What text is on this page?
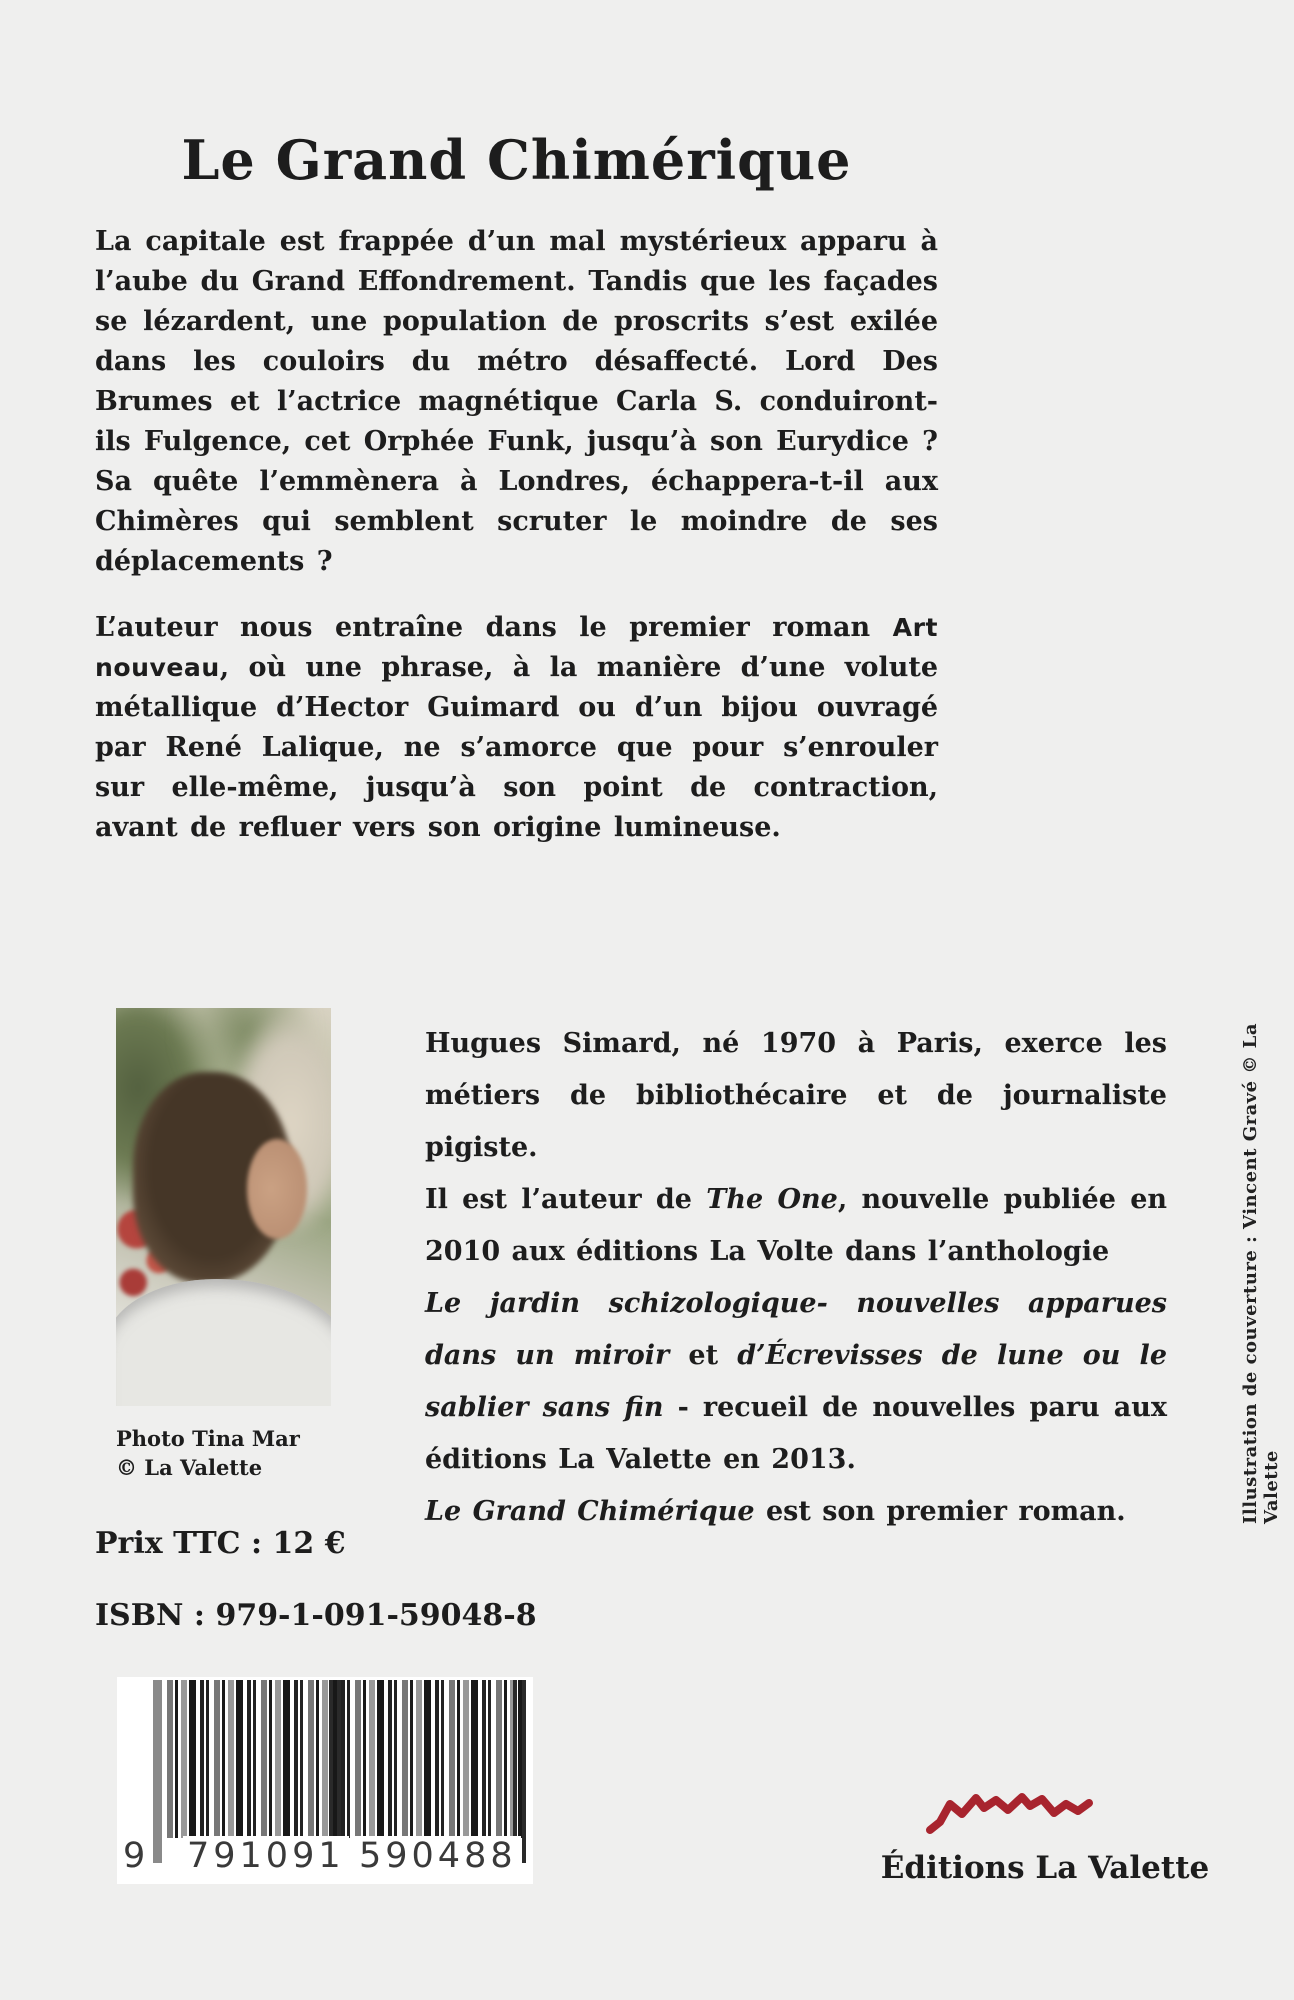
Le Grand Chimérique

La capitale est frappée d’un mal mystérieux apparu à l’aube du Grand Effondrement. Tandis que les façades se lézardent, une population de proscrits s’est exilée dans les couloirs du métro désaffecté. Lord Des Brumes et l’actrice magnétique Carla S. conduiront-ils Fulgence, cet Orphée Funk, jusqu’à son Eurydice ? Sa quête l’emmènera à Londres, échappera-t-il aux Chimères qui semblent scruter le moindre de ses déplacements ?

L’auteur nous entraîne dans le premier roman Art nouveau, où une phrase, à la manière d’une volute métallique d’Hector Guimard ou d’un bijou ouvragé par René Lalique, ne s’amorce que pour s’enrouler sur elle-même, jusqu’à son point de contraction, avant de refluer vers son origine lumineuse.

Photo Tina Mar
© La Valette
Hugues Simard, né 1970 à Paris, exerce les métiers de bibliothécaire et de journaliste pigiste.
Il est l’auteur de The One, nouvelle publiée en 2010 aux éditions La Volte dans l’anthologie
Le jardin schizologique- nouvelles apparues dans un miroir et d’Écrevisses de lune ou le sablier sans fin - recueil de nouvelles paru aux éditions La Valette en 2013.
Le Grand Chimérique est son premier roman.
Prix TTC : 12 €
ISBN : 979-1-091-59048-8
9 791091 590488	Éditions La Valette
Illustration de couverture : Vincent Gravé © La Valette
